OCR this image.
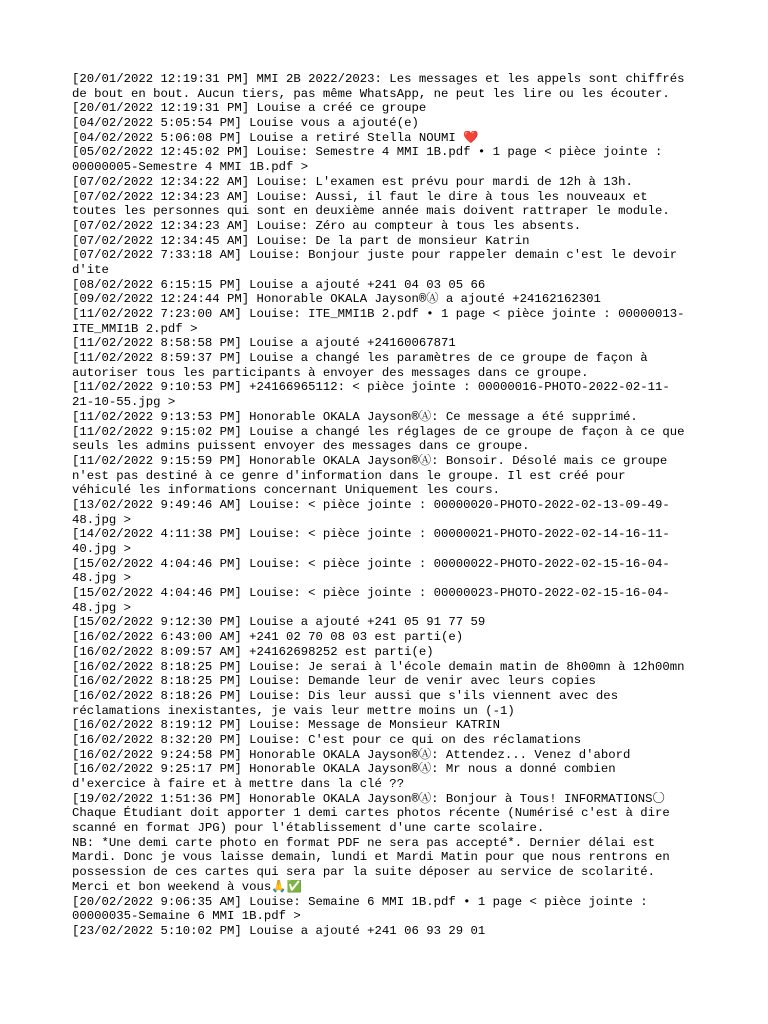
[20/01/2022 12:19:31 PM] MMI 2B 2022/2023: Les messages et les appels sont chiffrés
de bout en bout. Aucun tiers, pas même WhatsApp, ne peut les lire ou les écouter.
[20/01/2022 12:19:31 PM] Louise a créé ce groupe
[04/02/2022 5:05:54 PM] Louise vous a ajouté(e)
[04/02/2022 5:06:08 PM] Louise a retiré Stella NOUMI ❤️
[05/02/2022 12:45:02 PM] Louise: Semestre 4 MMI 1B.pdf • 1 page < pièce jointe :
00000005-Semestre 4 MMI 1B.pdf >
[07/02/2022 12:34:22 AM] Louise: L'examen est prévu pour mardi de 12h à 13h.
[07/02/2022 12:34:23 AM] Louise: Aussi, il faut le dire à tous les nouveaux et
toutes les personnes qui sont en deuxième année mais doivent rattraper le module.
[07/02/2022 12:34:23 AM] Louise: Zéro au compteur à tous les absents.
[07/02/2022 12:34:45 AM] Louise: De la part de monsieur Katrin
[07/02/2022 7:33:18 AM] Louise: Bonjour juste pour rappeler demain c'est le devoir
d'ite
[08/02/2022 6:15:15 PM] Louise a ajouté +241 04 03 05 66
[09/02/2022 12:24:44 PM] Honorable OKALA Jayson®Ⓐ a ajouté +24162162301
[11/02/2022 7:23:00 AM] Louise: ITE_MMI1B 2.pdf • 1 page < pièce jointe : 00000013-
ITE_MMI1B 2.pdf >
[11/02/2022 8:58:58 PM] Louise a ajouté +24160067871
[11/02/2022 8:59:37 PM] Louise a changé les paramètres de ce groupe de façon à
autoriser tous les participants à envoyer des messages dans ce groupe.
[11/02/2022 9:10:53 PM] +24166965112: < pièce jointe : 00000016-PHOTO-2022-02-11-
21-10-55.jpg >
[11/02/2022 9:13:53 PM] Honorable OKALA Jayson®Ⓐ: Ce message a été supprimé.
[11/02/2022 9:15:02 PM] Louise a changé les réglages de ce groupe de façon à ce que
seuls les admins puissent envoyer des messages dans ce groupe.
[11/02/2022 9:15:59 PM] Honorable OKALA Jayson®Ⓐ: Bonsoir. Désolé mais ce groupe
n'est pas destiné à ce genre d'information dans le groupe. Il est créé pour
véhiculé les informations concernant Uniquement les cours.
[13/02/2022 9:49:46 AM] Louise: < pièce jointe : 00000020-PHOTO-2022-02-13-09-49-
48.jpg >
[14/02/2022 4:11:38 PM] Louise: < pièce jointe : 00000021-PHOTO-2022-02-14-16-11-
40.jpg >
[15/02/2022 4:04:46 PM] Louise: < pièce jointe : 00000022-PHOTO-2022-02-15-16-04-
48.jpg >
[15/02/2022 4:04:46 PM] Louise: < pièce jointe : 00000023-PHOTO-2022-02-15-16-04-
48.jpg >
[15/02/2022 9:12:30 PM] Louise a ajouté +241 05 91 77 59
[16/02/2022 6:43:00 AM] +241 02 70 08 03 est parti(e)
[16/02/2022 8:09:57 AM] +24162698252 est parti(e)
[16/02/2022 8:18:25 PM] Louise: Je serai à l'école demain matin de 8h00mn à 12h00mn
[16/02/2022 8:18:25 PM] Louise: Demande leur de venir avec leurs copies
[16/02/2022 8:18:26 PM] Louise: Dis leur aussi que s'ils viennent avec des
réclamations inexistantes, je vais leur mettre moins un (-1)
[16/02/2022 8:19:12 PM] Louise: Message de Monsieur KATRIN
[16/02/2022 8:32:20 PM] Louise: C'est pour ce qui on des réclamations
[16/02/2022 9:24:58 PM] Honorable OKALA Jayson®Ⓐ: Attendez... Venez d'abord
[16/02/2022 9:25:17 PM] Honorable OKALA Jayson®Ⓐ: Mr nous a donné combien
d'exercice à faire et à mettre dans la clé ??
[19/02/2022 1:51:36 PM] Honorable OKALA Jayson®Ⓐ: Bonjour à Tous! INFORMATIONS〇
Chaque Étudiant doit apporter 1 demi cartes photos récente (Numérisé c'est à dire
scanné en format JPG) pour l'établissement d'une carte scolaire.
NB: *Une demi carte photo en format PDF ne sera pas accepté*. Dernier délai est
Mardi. Donc je vous laisse demain, lundi et Mardi Matin pour que nous rentrons en
possession de ces cartes qui sera par la suite déposer au service de scolarité.
Merci et bon weekend à vous🙏✅
[20/02/2022 9:06:35 AM] Louise: Semaine 6 MMI 1B.pdf • 1 page < pièce jointe :
00000035-Semaine 6 MMI 1B.pdf >
[23/02/2022 5:10:02 PM] Louise a ajouté +241 06 93 29 01
